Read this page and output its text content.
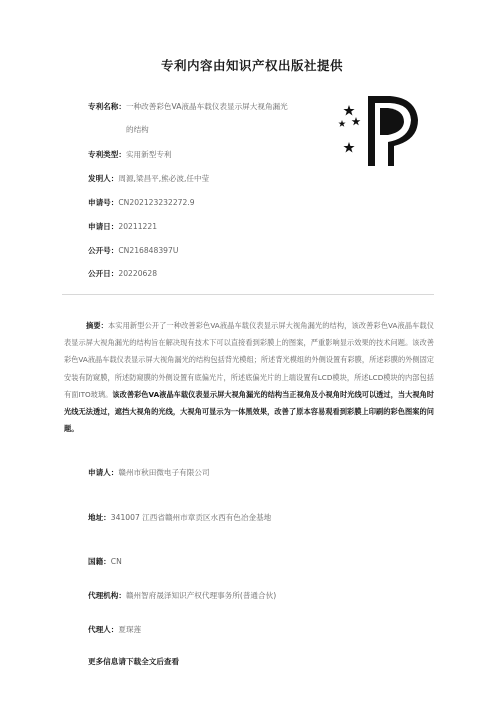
专利内容由知识产权出版社提供
专利名称：一种改善彩色VA液晶车载仪表显示屏大视角漏光
的结构
专利类型：实用新型专利
发明人：周源,梁昌平,熊必波,任中莹
申请号：CN202123232272.9
申请日：20211221
公开号：CN216848397U
公开日：20220628
摘要：本实用新型公开了一种改善彩色VA液晶车载仪表显示屏大视角漏光的结构，该改善彩色VA液晶车载仪表显示屏大视角漏光的结构旨在解决现有技术下可以直接看到彩膜上的图案，严重影响显示效果的技术问题。该改善彩色VA液晶车载仪表显示屏大视角漏光的结构包括背光模组；所述背光模组的外侧设置有彩膜，所述彩膜的外侧固定安装有防窥膜，所述防窥膜的外侧设置有底偏光片，所述底偏光片的上端设置有LCD模块，所述LCD模块的内部包括有面ITO玻璃。该改善彩色VA液晶车载仪表显示屏大视角漏光的结构当正视角及小视角时光线可以透过，当大视角时光线无法透过，遮挡大视角的光线，大视角可显示为一体黑效果，改善了原本容易观看到彩膜上印刷的彩色图案的问题。
申请人：赣州市秋田微电子有限公司
地址：341007 江西省赣州市章贡区水西有色冶金基地
国籍：CN
代理机构：赣州智府晟泽知识产权代理事务所(普通合伙)
代理人：夏琛莲
更多信息请下载全文后查看
